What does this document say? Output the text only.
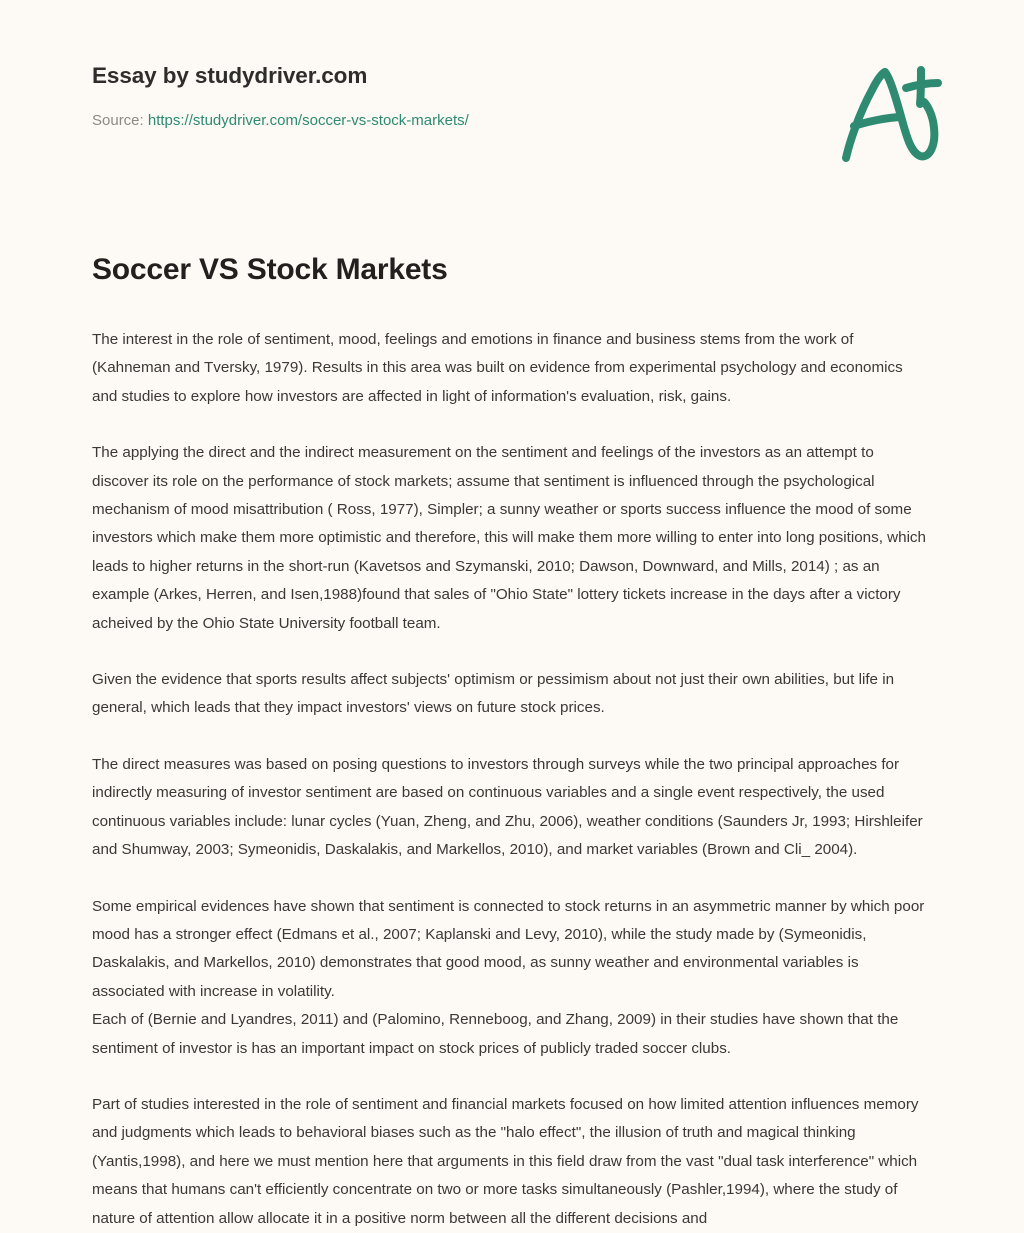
Essay by studydriver.com
Source: https://studydriver.com/soccer-vs-stock-markets/
Soccer VS Stock Markets

The interest in the role of sentiment, mood, feelings and emotions in finance and business stems from the work of (Kahneman and Tversky, 1979). Results in this area was built on evidence from experimental psychology and economics and studies to explore how investors are affected in light of information's evaluation, risk, gains.

The applying the direct and the indirect measurement on the sentiment and feelings of the investors as an attempt to discover its role on the performance of stock markets; assume that sentiment is influenced through the psychological mechanism of mood misattribution ( Ross, 1977), Simpler; a sunny weather or sports success influence the mood of some investors which make them more optimistic and therefore, this will make them more willing to enter into long positions, which leads to higher returns in the short-run (Kavetsos and Szymanski, 2010; Dawson, Downward, and Mills, 2014) ; as an example (Arkes, Herren, and Isen,1988)found that sales of "Ohio State" lottery tickets increase in the days after a victory acheived by the Ohio State University football team.

Given the evidence that sports results affect subjects' optimism or pessimism about not just their own abilities, but life in general, which leads that they impact investors' views on future stock prices.

The direct measures was based on posing questions to investors through surveys while the two principal approaches for indirectly measuring of investor sentiment are based on continuous variables and a single event respectively, the used continuous variables include: lunar cycles (Yuan, Zheng, and Zhu, 2006), weather conditions (Saunders Jr, 1993; Hirshleifer and Shumway, 2003; Symeonidis, Daskalakis, and Markellos, 2010), and market variables (Brown and Cli_ 2004).

Some empirical evidences have shown that sentiment is connected to stock returns in an asymmetric manner by which poor mood has a stronger effect (Edmans et al., 2007; Kaplanski and Levy, 2010), while the study made by (Symeonidis, Daskalakis, and Markellos, 2010) demonstrates that good mood, as sunny weather and environmental variables is associated with increase in volatility.
Each of (Bernie and Lyandres, 2011) and (Palomino, Renneboog, and Zhang, 2009) in their studies have shown that the sentiment of investor is has an important impact on stock prices of publicly traded soccer clubs.

Part of studies interested in the role of sentiment and financial markets focused on how limited attention influences memory and judgments which leads to behavioral biases such as the "halo effect", the illusion of truth and magical thinking (Yantis,1998), and here we must mention here that arguments in this field draw from the vast "dual task interference" which means that humans can't efficiently concentrate on two or more tasks simultaneously (Pashler,1994), where the study of nature of attention allow allocate it in a positive norm between all the different decisions and
